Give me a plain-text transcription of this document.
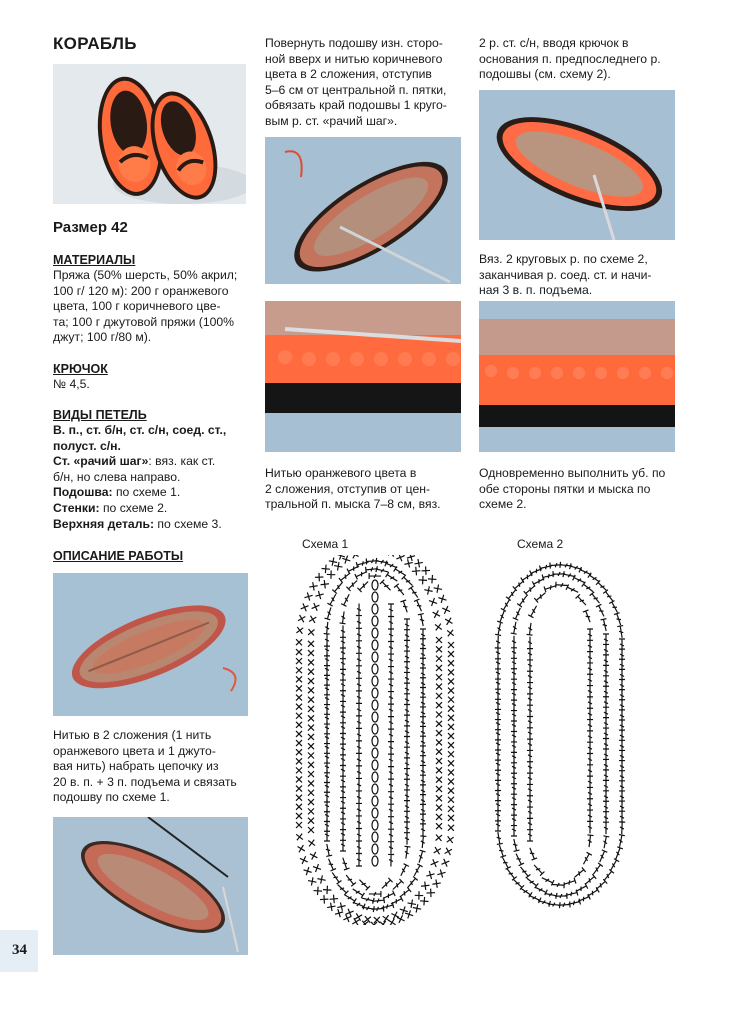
КОРАБЛЬ
Размер 42
МАТЕРИАЛЫ

Пряжа (50% шерсть, 50% акрил;

100 г/ 120 м): 200 г оранжевого

цвета, 100 г коричневого цве-

та; 100 г джутовой пряжи (100%

джут; 100 г/80 м).

КРЮЧОК
№ 4,5.
ВИДЫ ПЕТЕЛЬ

В. п., ст. б/н, ст. с/н, соед. ст.,

полуст. с/н.

Ст. «рачий шаг»: вяз. как ст.

б/н, но слева направо.

Подошва: по схеме 1.

Стенки: по схеме 2.

Верхняя деталь: по схеме 3.

ОПИСАНИЕ РАБОТЫ

Нитью в 2 сложения (1 нить

оранжевого цвета и 1 джуто-

вая нить) набрать цепочку из

20 в. п. + 3 п. подъема и связать

подошву по схеме 1.

Повернуть подошву изн. сторо-

ной вверх и нитью коричневого

цвета в 2 сложения, отступив

5–6 см от центральной п. пятки,

обвязать край подошвы 1 круго-

вым р. ст. «рачий шаг».

Нитью оранжевого цвета в

2 сложения, отступив от цен-

тральной п. мыска 7–8 см, вяз.

2 р. ст. с/н, вводя крючок в

основания п. предпоследнего р.

подошвы (см. схему 2).

Вяз. 2 круговых р. по схеме 2,

заканчивая р. соед. ст. и начи-

ная 3 в. п. подъема.

Одновременно выполнить уб. по

обе стороны пятки и мыска по

схеме 2.

Схема 1	Схема 2
34
